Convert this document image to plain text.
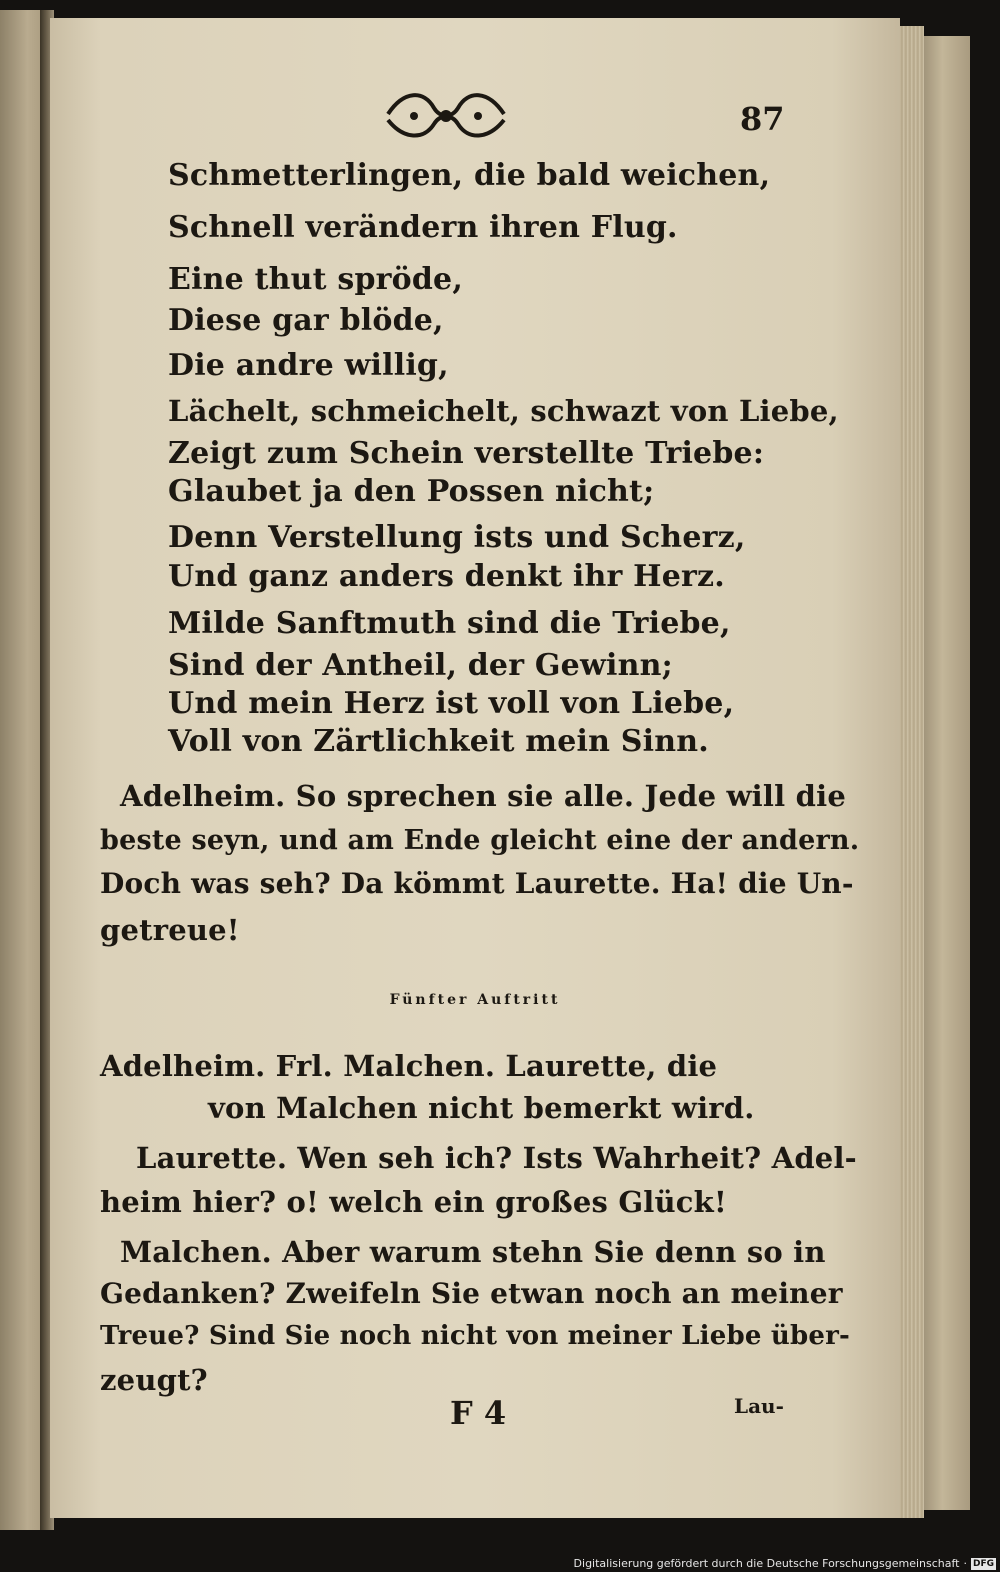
87
Schmetterlingen, die bald weichen,
Schnell verändern ihren Flug.
Eine thut spröde,
Diese gar blöde,
Die andre willig,
Lächelt, schmeichelt, schwazt von Liebe,
Zeigt zum Schein verstellte Triebe:
Glaubet ja den Possen nicht;
Denn Verstellung ists und Scherz,
Und ganz anders denkt ihr Herz.
Milde Sanftmuth sind die Triebe,
Sind der Antheil, der Gewinn;
Und mein Herz ist voll von Liebe,
Voll von Zärtlichkeit mein Sinn.
Adelheim. So sprechen sie alle. Jede will die
beste seyn, und am Ende gleicht eine der andern.
Doch was seh? Da kömmt Laurette. Ha! die Un-
getreue!
Fünfter Auftritt
Adelheim. Frl. Malchen. Laurette, die
von Malchen nicht bemerkt wird.
Laurette. Wen seh ich? Ists Wahrheit? Adel-
heim hier? o! welch ein großes Glück!
Malchen. Aber warum stehn Sie denn so in
Gedanken? Zweifeln Sie etwan noch an meiner
Treue? Sind Sie noch nicht von meiner Liebe über-
zeugt?
F 4	Lau-
Digitalisierung gefördert durch die Deutsche Forschungsgemeinschaft · DFG
